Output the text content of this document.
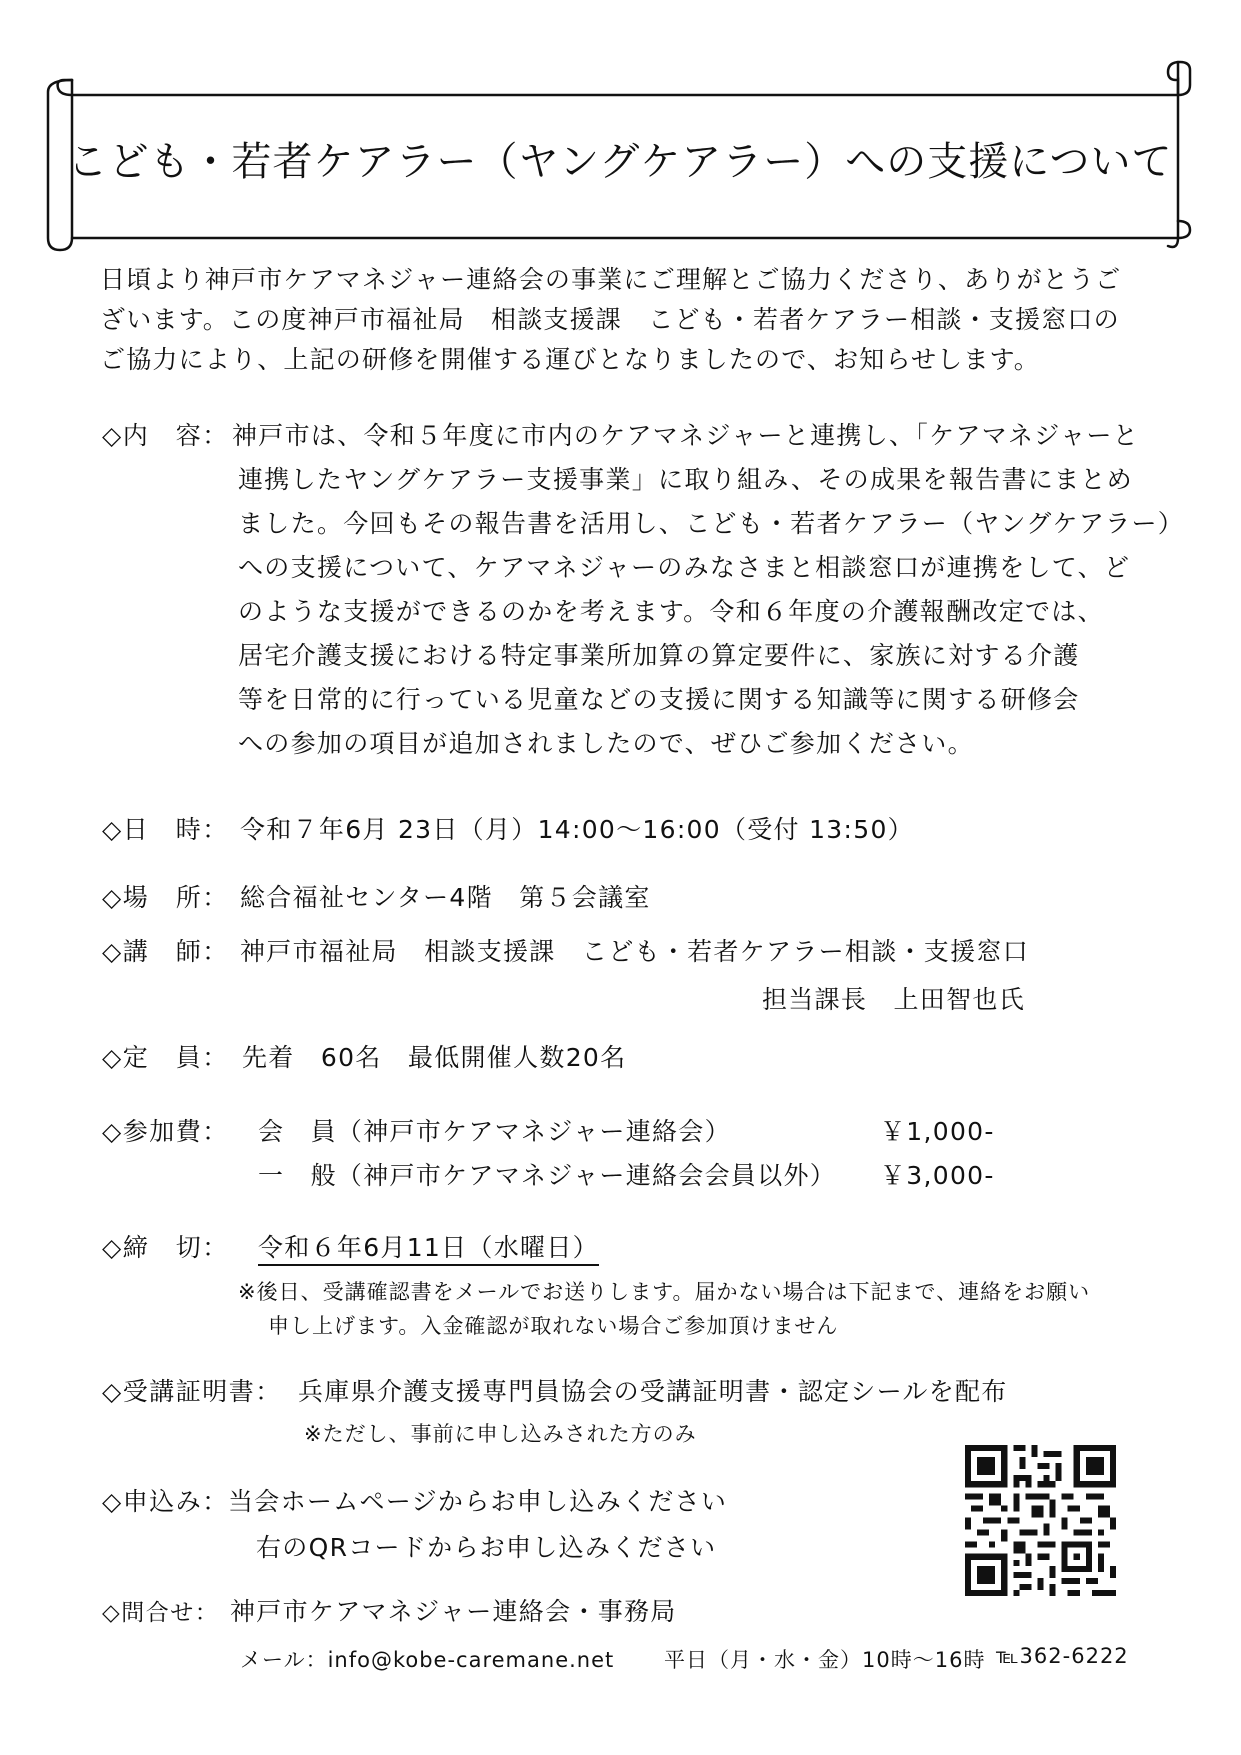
こども・若者ケアラー（ヤングケアラー）への支援について
日頃より神戸市ケアマネジャー連絡会の事業にご理解とご協力くださり、ありがとうご
ざいます。この度神戸市福祉局　相談支援課　こども・若者ケアラー相談・支援窓口の
ご協力により、上記の研修を開催する運びとなりましたので、お知らせします。
◇内　容： 神戸市は、令和５年度に市内のケアマネジャーと連携し、「ケアマネジャーと
連携したヤングケアラー支援事業」に取り組み、その成果を報告書にまとめ
ました。今回もその報告書を活用し、こども・若者ケアラー（ヤングケアラー）
への支援について、ケアマネジャーのみなさまと相談窓口が連携をして、ど
のような支援ができるのかを考えます。令和６年度の介護報酬改定では、
居宅介護支援における特定事業所加算の算定要件に、家族に対する介護
等を日常的に行っている児童などの支援に関する知識等に関する研修会
への参加の項目が追加されましたので、ぜひご参加ください。
◇日　時： 令和７年6月 23日（月）14:00～16:00（受付 13:50）
◇場　所： 総合福祉センター4階　第５会議室
◇講　師： 神戸市福祉局　相談支援課　こども・若者ケアラー相談・支援窓口
担当課長　上田智也氏
◇定　員： 先着　60名　最低開催人数20名
◇参加費： 会　員（神戸市ケアマネジャー連絡会）	￥1,000-
一　般（神戸市ケアマネジャー連絡会会員以外） ￥3,000-
◇締　切： 令和６年6月11日（水曜日）
※後日、受講確認書をメールでお送りします。届かない場合は下記まで、連絡をお願い
申し上げます。入金確認が取れない場合ご参加頂けません
◇受講証明書： 兵庫県介護支援専門員協会の受講証明書・認定シールを配布
※ただし、事前に申し込みされた方のみ
◇申込み： 当会ホームページからお申し込みください
右のQRコードからお申し込みください
◇問合せ： 神戸市ケアマネジャー連絡会・事務局
メール：info@kobe-caremane.net 平日（月・水・金）10時～16時 ℡362-6222
